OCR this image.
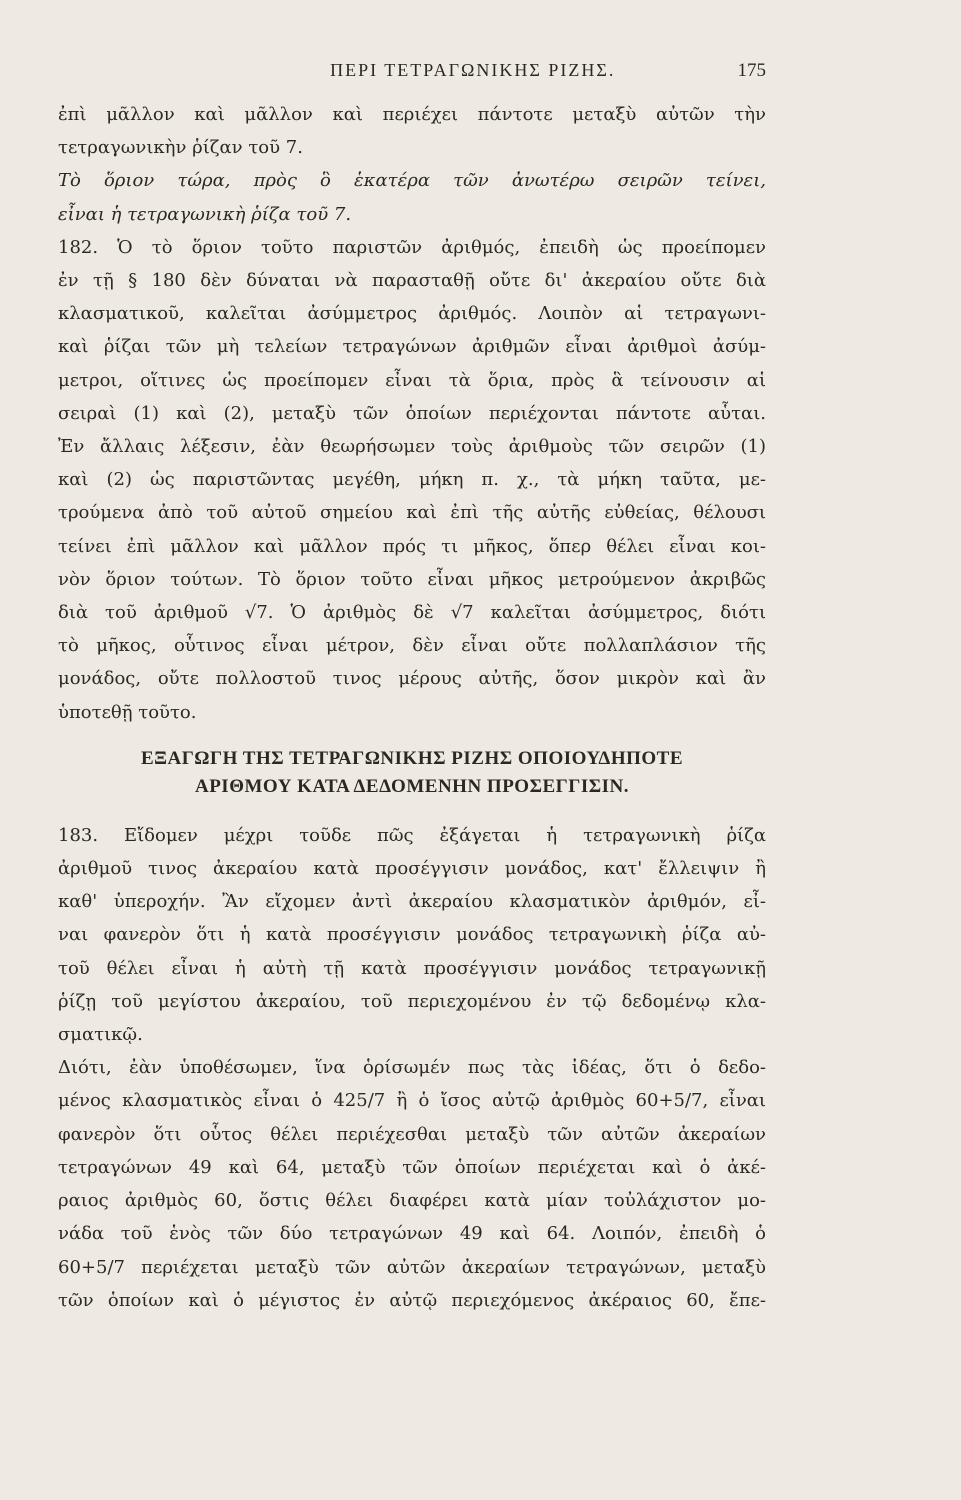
ΠΕΡΙ ΤΕΤΡΑΓΩΝΙΚΗΣ ΡΙΖΗΣ.	175
ἐπὶ μᾶλλον καὶ μᾶλλον καὶ περιέχει πάντοτε μεταξὺ αὐτῶν τὴν
τετραγωνικὴν ῥίζαν τοῦ 7.
Τὸ ὅριον τώρα, πρὸς ὃ ἑκατέρα τῶν ἀνωτέρω σειρῶν τείνει,
εἶναι ἡ τετραγωνικὴ ῥίζα τοῦ 7.
182. Ὁ τὸ ὅριον τοῦτο παριστῶν ἀριθμός, ἐπειδὴ ὡς προείπομεν
ἐν τῇ § 180 δὲν δύναται νὰ παρασταθῇ οὔτε δι' ἀκεραίου οὔτε διὰ
κλασματικοῦ, καλεῖται ἀσύμμετρος ἀριθμός. Λοιπὸν αἱ τετραγωνι-
καὶ ῥίζαι τῶν μὴ τελείων τετραγώνων ἀριθμῶν εἶναι ἀριθμοὶ ἀσύμ-
μετροι, οἵτινες ὡς προείπομεν εἶναι τὰ ὅρια, πρὸς ἃ τείνουσιν αἱ
σειραὶ (1) καὶ (2), μεταξὺ τῶν ὁποίων περιέχονται πάντοτε αὗται.
Ἐν ἄλλαις λέξεσιν, ἐὰν θεωρήσωμεν τοὺς ἀριθμοὺς τῶν σειρῶν (1)
καὶ (2) ὡς παριστῶντας μεγέθη, μήκη π. χ., τὰ μήκη ταῦτα, με-
τρούμενα ἀπὸ τοῦ αὐτοῦ σημείου καὶ ἐπὶ τῆς αὐτῆς εὐθείας, θέλουσι
τείνει ἐπὶ μᾶλλον καὶ μᾶλλον πρός τι μῆκος, ὅπερ θέλει εἶναι κοι-
νὸν ὅριον τούτων. Τὸ ὅριον τοῦτο εἶναι μῆκος μετρούμενον ἀκριβῶς
διὰ τοῦ ἀριθμοῦ √7. Ὁ ἀριθμὸς δὲ √7 καλεῖται ἀσύμμετρος, διότι
τὸ μῆκος, οὗτινος εἶναι μέτρον, δὲν εἶναι οὔτε πολλαπλάσιον τῆς
μονάδος, οὔτε πολλοστοῦ τινος μέρους αὐτῆς, ὅσον μικρὸν καὶ ἂν
ὑποτεθῇ τοῦτο.
ΕΞΑΓΩΓΗ ΤΗΣ ΤΕΤΡΑΓΩΝΙΚΗΣ ΡΙΖΗΣ ΟΠΟΙΟΥΔΗΠΟΤΕ
ΑΡΙΘΜΟΥ ΚΑΤΑ ΔΕΔΟΜΕΝΗΝ ΠΡΟΣΕΓΓΙΣΙΝ.
183. Εἴδομεν μέχρι τοῦδε πῶς ἐξάγεται ἡ τετραγωνικὴ ῥίζα
ἀριθμοῦ τινος ἀκεραίου κατὰ προσέγγισιν μονάδος, κατ' ἔλλειψιν ἢ
καθ' ὑπεροχήν. Ἂν εἴχομεν ἀντὶ ἀκεραίου κλασματικὸν ἀριθμόν, εἶ-
ναι φανερὸν ὅτι ἡ κατὰ προσέγγισιν μονάδος τετραγωνικὴ ῥίζα αὐ-
τοῦ θέλει εἶναι ἡ αὐτὴ τῇ κατὰ προσέγγισιν μονάδος τετραγωνικῇ
ῥίζῃ τοῦ μεγίστου ἀκεραίου, τοῦ περιεχομένου ἐν τῷ δεδομένῳ κλα-
σματικῷ.
Διότι, ἐὰν ὑποθέσωμεν, ἵνα ὁρίσωμέν πως τὰς ἰδέας, ὅτι ὁ δεδο-
μένος κλασματικὸς εἶναι ὁ 425/7 ἢ ὁ ἴσος αὐτῷ ἀριθμὸς 60+5/7, εἶναι
φανερὸν ὅτι οὗτος θέλει περιέχεσθαι μεταξὺ τῶν αὐτῶν ἀκεραίων
τετραγώνων 49 καὶ 64, μεταξὺ τῶν ὁποίων περιέχεται καὶ ὁ ἀκέ-
ραιος ἀριθμὸς 60, ὅστις θέλει διαφέρει κατὰ μίαν τοὐλάχιστον μο-
νάδα τοῦ ἑνὸς τῶν δύο τετραγώνων 49 καὶ 64. Λοιπόν, ἐπειδὴ ὁ
60+5/7 περιέχεται μεταξὺ τῶν αὐτῶν ἀκεραίων τετραγώνων, μεταξὺ
τῶν ὁποίων καὶ ὁ μέγιστος ἐν αὐτῷ περιεχόμενος ἀκέραιος 60, ἔπε-
